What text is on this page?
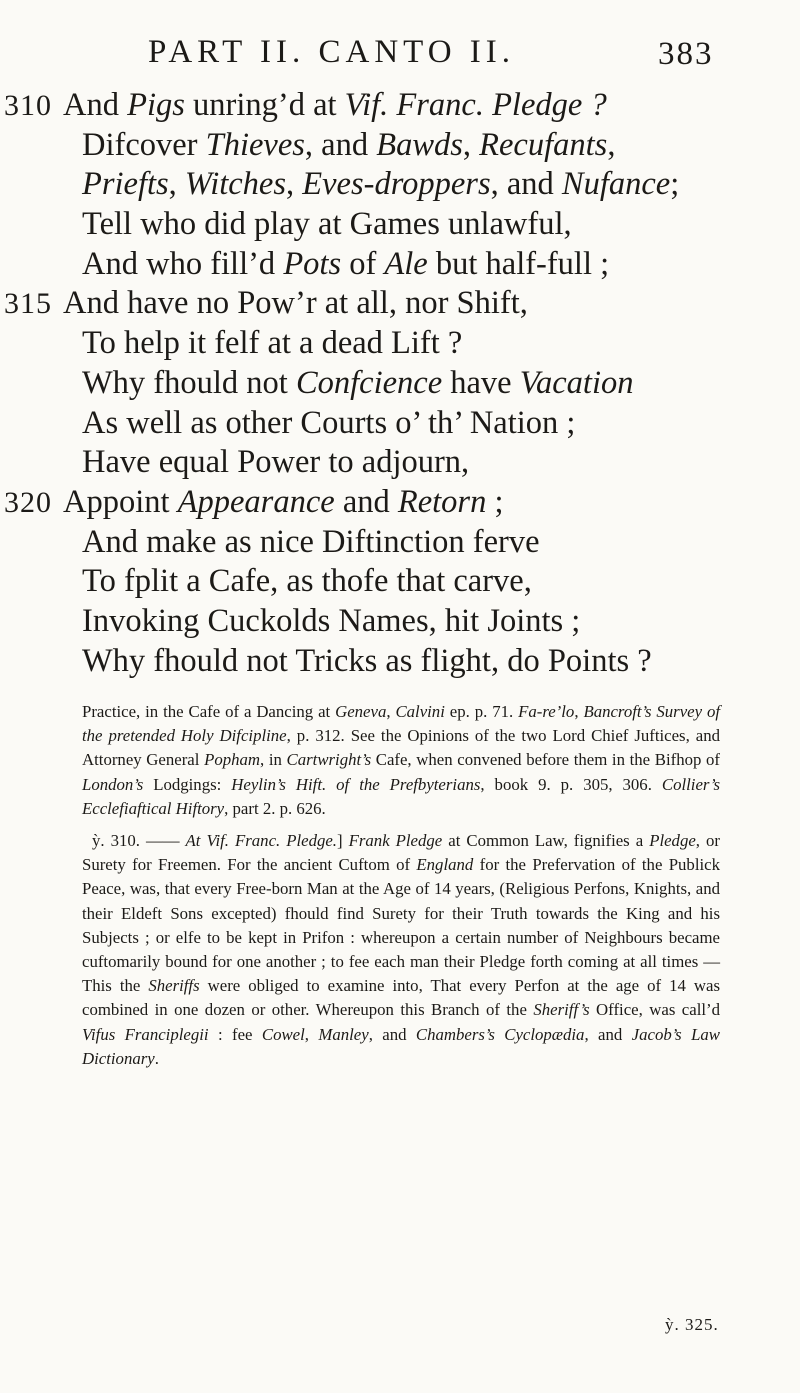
PART II. CANTO II.	383
310 And Pigs unring’d at Vif. Franc. Pledge ?
Difcover Thieves, and Bawds, Recufants,
Priefts, Witches, Eves-droppers, and Nufance;
Tell who did play at Games unlawful,
And who fill’d Pots of Ale but half-full ;
315 And have no Pow’r at all, nor Shift,
To help it felf at a dead Lift ?
Why fhould not Confcience have Vacation
As well as other Courts o’ th’ Nation ;
Have equal Power to adjourn,
320 Appoint Appearance and Retorn ;
And make as nice Diftinction ferve
To fplit a Cafe, as thofe that carve,
Invoking Cuckolds Names, hit Joints ;
Why fhould not Tricks as flight, do Points ?

Practice, in the Cafe of a Dancing at Geneva, Calvini ep. p. 71. Fa-re’lo, Bancroft’s Survey of the pretended Holy Difcipline, p. 312. See the Opinions of the two Lord Chief Juftices, and Attorney General Popham, in Cartwright’s Cafe, when convened before them in the Bifhop of London’s Lodgings: Heylin’s Hift. of the Prefbyterians, book 9. p. 305, 306. Collier’s Ecclefiaftical Hiftory, part 2. p. 626.

ỳ. 310. —— At Vif. Franc. Pledge.] Frank Pledge at Common Law, fignifies a Pledge, or Surety for Freemen. For the ancient Cuftom of England for the Prefervation of the Publick Peace, was, that every Free-born Man at the Age of 14 years, (Religious Perfons, Knights, and their Eldeft Sons excepted) fhould find Surety for their Truth towards the King and his Subjects ; or elfe to be kept in Prifon : whereupon a certain number of Neighbours became cuftomarily bound for one another ; to fee each man their Pledge forth coming at all times — This the Sheriffs were obliged to examine into, That every Perfon at the age of 14 was combined in one dozen or other. Whereupon this Branch of the Sheriff’s Office, was call’d Vifus Franciplegii : fee Cowel, Manley, and Chambers’s Cyclopædia, and Jacob’s Law Dictionary.

ỳ. 325.
